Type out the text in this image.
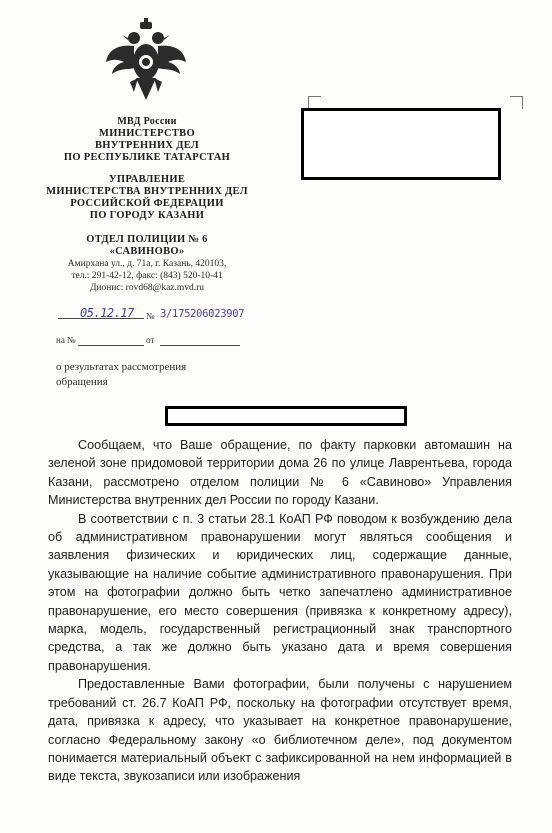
МВД России
МИНИСТЕРСТВО
ВНУТРЕННИХ ДЕЛ
ПО РЕСПУБЛИКЕ ТАТАРСТАН
УПРАВЛЕНИЕ
МИНИСТЕРСТВА ВНУТРЕННИХ ДЕЛ
РОССИЙСКОЙ ФЕДЕРАЦИИ
ПО ГОРОДУ КАЗАНИ
ОТДЕЛ ПОЛИЦИИ № 6
«САВИНОВО»
Амирхана ул., д. 71а, г. Казань, 420103,
тел.: 291-42-12, факс: (843) 520-10-41
Дионис: rovd68@kaz.mvd.ru
05.12.17 № 3/175206023907
на №	от
о результатах рассмотрения
обращения

Сообщаем, что Ваше обращение, по факту парковки автомашин на зеленой зоне придомовой территории дома 26 по улице Лаврентьева, города Казани, рассмотрено отделом полиции № 6 «Савиново» Управления Министерства внутренних дел России по городу Казани.

В соответствии с п. 3 статьи 28.1 КоАП РФ поводом к возбуждению дела об административном правонарушении могут являться сообщения и заявления физических и юридических лиц, содержащие данные, указывающие на наличие событие административного правонарушения. При этом на фотографии должно быть четко запечатлено административное правонарушение, его место совершения (привязка к конкретному адресу), марка, модель, государственный регистрационный знак транспортного средства, а так же должно быть указано дата и время совершения правонарушения.

Предоставленные Вами фотографии, были получены с нарушением требований ст. 26.7 КоАП РФ, поскольку на фотографии отсутствует время, дата, привязка к адресу, что указывает на конкретное правонарушение, согласно Федеральному закону «о библиотечном деле», под документом понимается материальный объект с зафиксированной на нем информацией в виде текста, звукозаписи или изображения
